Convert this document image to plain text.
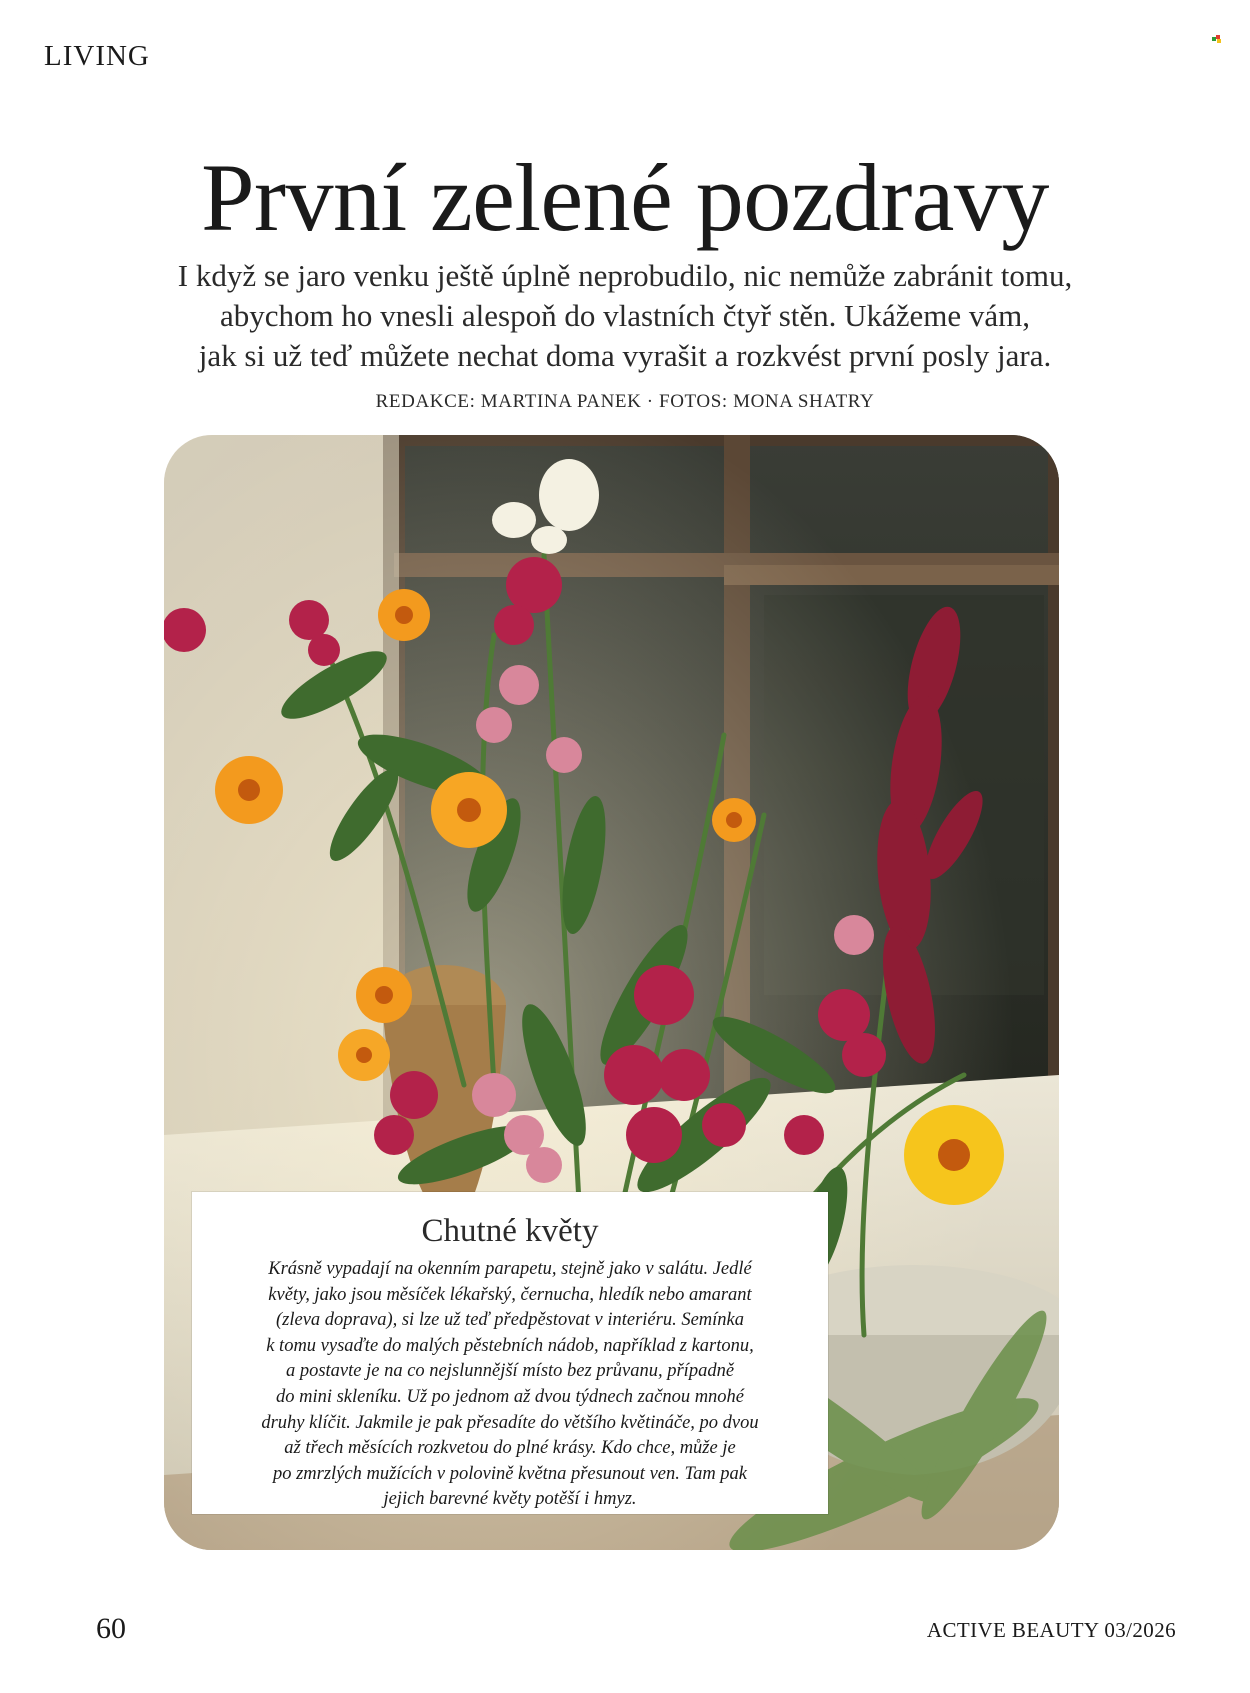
LIVING
První zelené pozdravy
I když se jaro venku ještě úplně neprobudilo, nic nemůže zabránit tomu,
abychom ho vnesli alespoň do vlastních čtyř stěn. Ukážeme vám,
jak si už teď můžete nechat doma vyrašit a rozkvést první posly jara.
REDAKCE: MARTINA PANEK · FOTOS: MONA SHATRY
Chutné květy
Krásně vypadají na okenním parapetu, stejně jako v salátu. Jedlé
květy, jako jsou měsíček lékařský, černucha, hledík nebo amarant
(zleva doprava), si lze už teď předpěstovat v interiéru. Semínka
k tomu vysaďte do malých pěstebních nádob, například z kartonu,
a postavte je na co nejslunnější místo bez průvanu, případně
do mini skleníku. Už po jednom až dvou týdnech začnou mnohé
druhy klíčit. Jakmile je pak přesadíte do většího květináče, po dvou
až třech měsících rozkvetou do plné krásy. Kdo chce, může je
po zmrzlých mužících v polovině května přesunout ven. Tam pak
jejich barevné květy potěší i hmyz.
60	ACTIVE BEAUTY 03/2026
